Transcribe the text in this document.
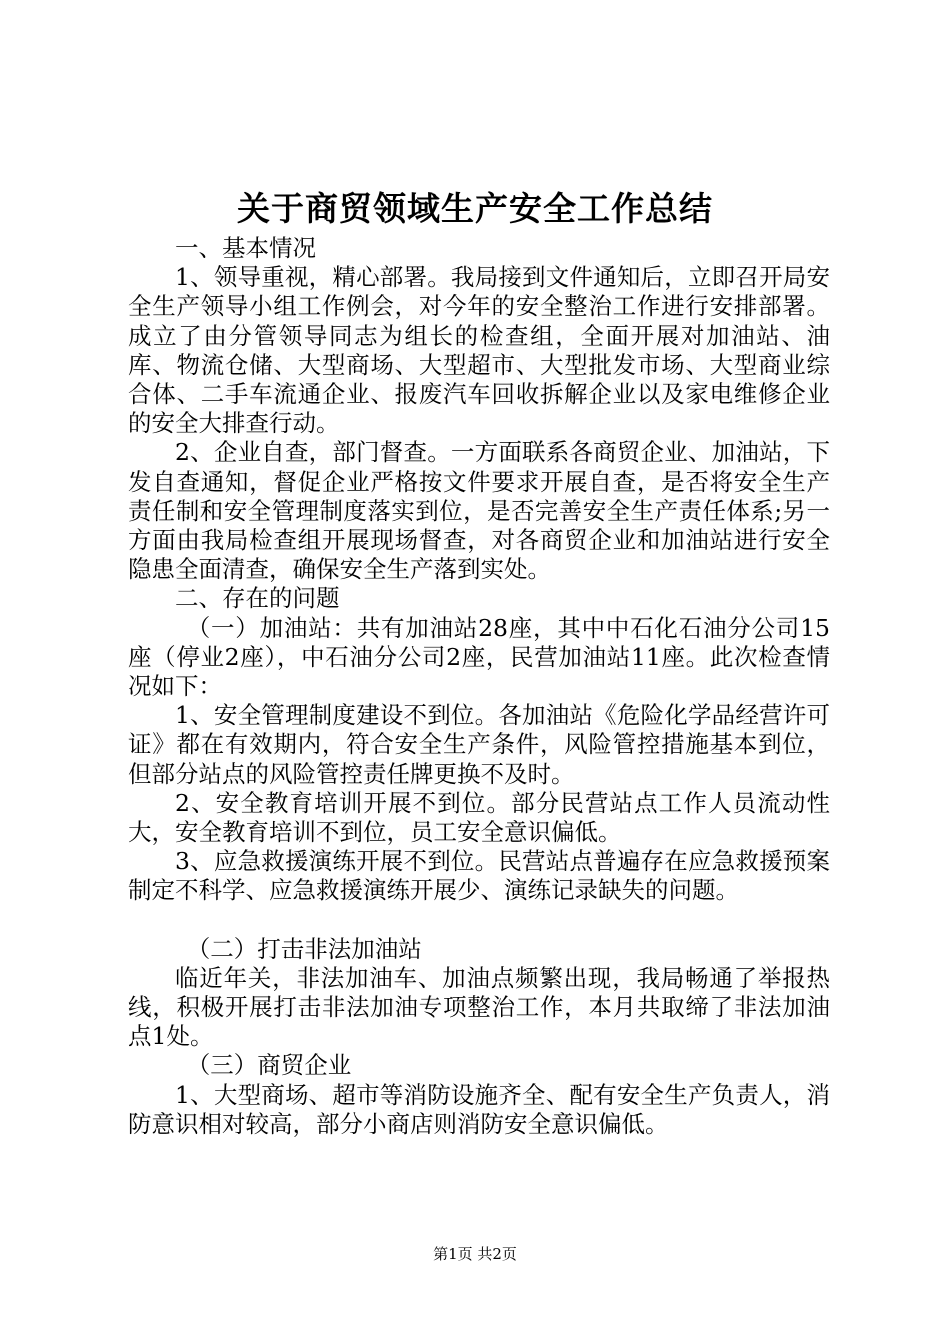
关于商贸领域生产安全工作总结

一、基本情况

1、领导重视，精心部署。我局接到文件通知后，立即召开局安全生产领导小组工作例会，对今年的安全整治工作进行安排部署。成立了由分管领导同志为组长的检查组，全面开展对加油站、油库、物流仓储、大型商场、大型超市、大型批发市场、大型商业综合体、二手车流通企业、报废汽车回收拆解企业以及家电维修企业的安全大排查行动。

2、企业自查，部门督查。一方面联系各商贸企业、加油站，下发自查通知，督促企业严格按文件要求开展自查，是否将安全生产责任制和安全管理制度落实到位，是否完善安全生产责任体系;另一方面由我局检查组开展现场督查，对各商贸企业和加油站进行安全隐患全面清查，确保安全生产落到实处。

二、存在的问题

（一）加油站：共有加油站28座，其中中石化石油分公司15座（停业2座），中石油分公司2座，民营加油站11座。此次检查情况如下：

1、安全管理制度建设不到位。各加油站《危险化学品经营许可证》都在有效期内，符合安全生产条件，风险管控措施基本到位，但部分站点的风险管控责任牌更换不及时。

2、安全教育培训开展不到位。部分民营站点工作人员流动性大，安全教育培训不到位，员工安全意识偏低。

3、应急救援演练开展不到位。民营站点普遍存在应急救援预案制定不科学、应急救援演练开展少、演练记录缺失的问题。

（二）打击非法加油站

临近年关，非法加油车、加油点频繁出现，我局畅通了举报热线，积极开展打击非法加油专项整治工作，本月共取缔了非法加油点1处。

（三）商贸企业

1、大型商场、超市等消防设施齐全、配有安全生产负责人，消防意识相对较高，部分小商店则消防安全意识偏低。

第1页 共2页
